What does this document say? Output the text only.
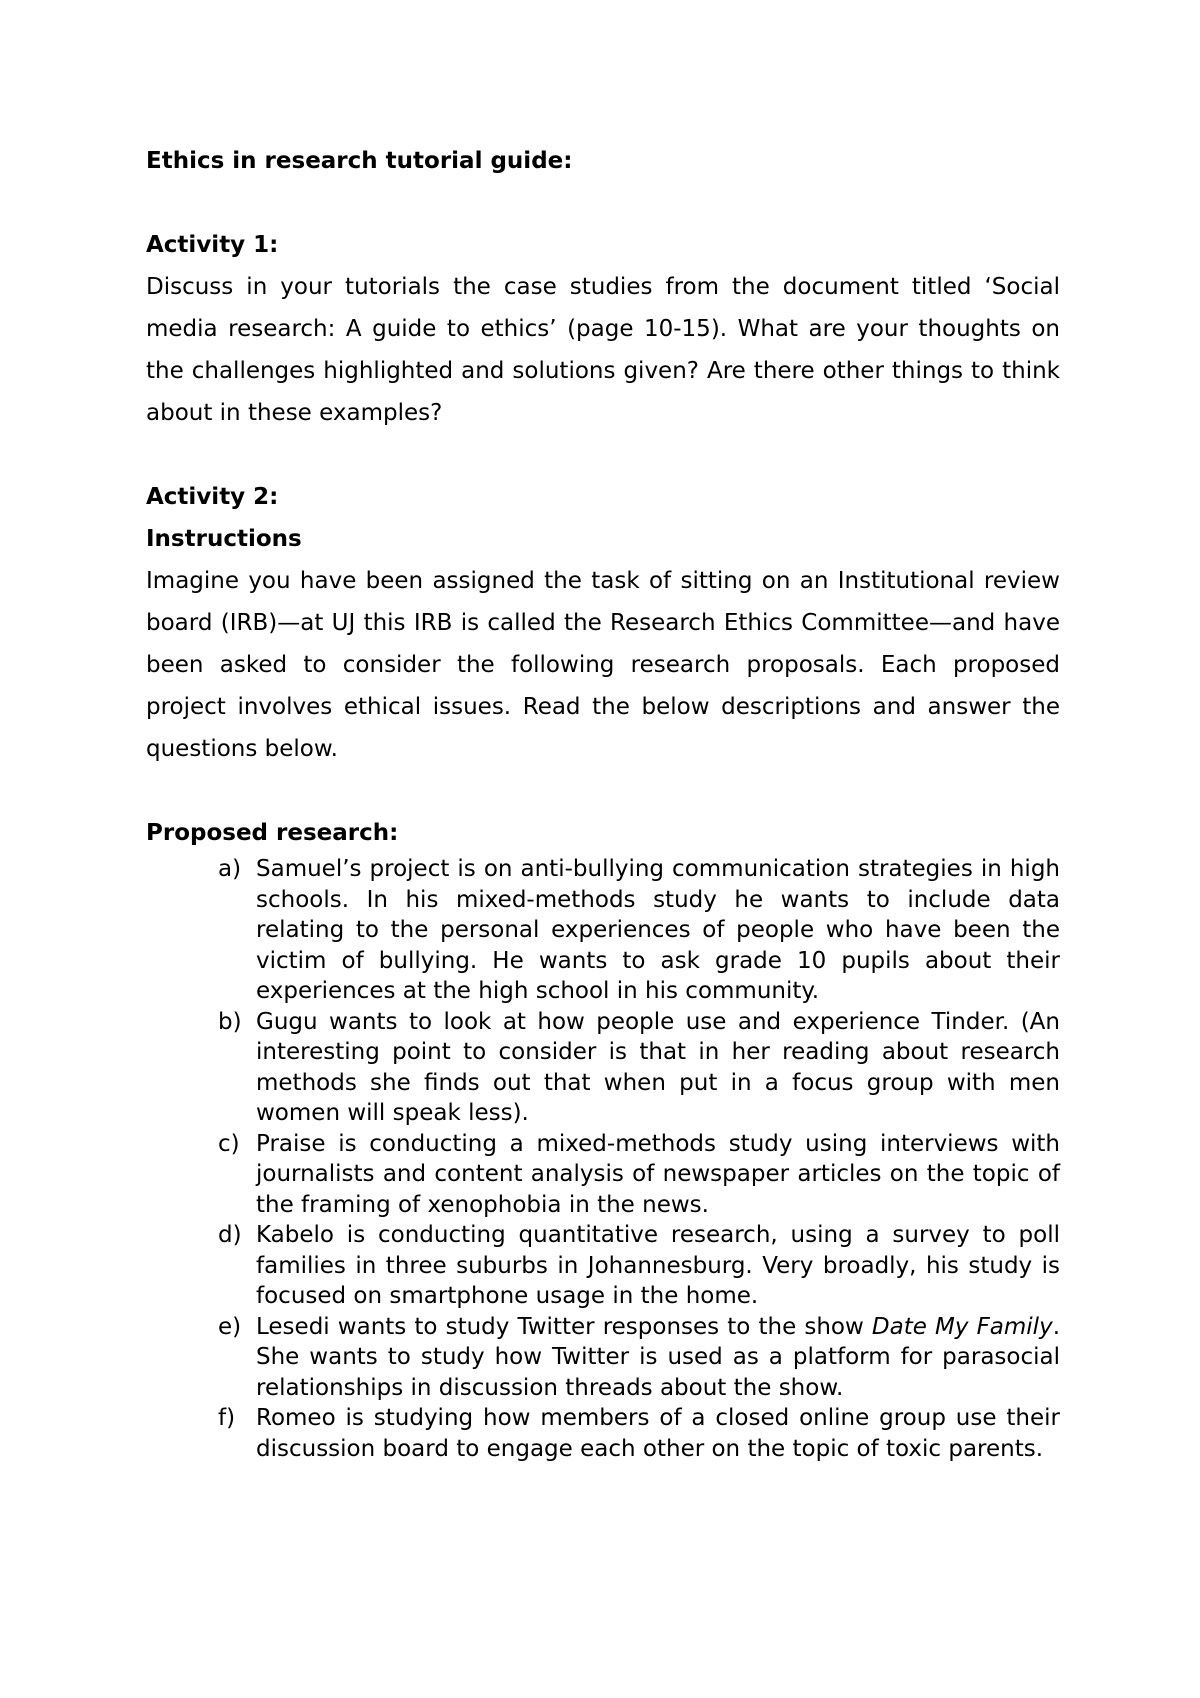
Ethics in research tutorial guide:

Activity 1:

Discuss in your tutorials the case studies from the document titled ‘Social media research: A guide to ethics’ (page 10-15). What are your thoughts on the challenges highlighted and solutions given? Are there other things to think about in these examples?

Activity 2:

Instructions

Imagine you have been assigned the task of sitting on an Institutional review board (IRB)—at UJ this IRB is called the Research Ethics Committee—and have been asked to consider the following research proposals. Each proposed project involves ethical issues. Read the below descriptions and answer the questions below.

Proposed research:

a) Samuel’s project is on anti-bullying communication strategies in high schools. In his mixed-methods study he wants to include data relating to the personal experiences of people who have been the victim of bullying. He wants to ask grade 10 pupils about their experiences at the high school in his community.
b) Gugu wants to look at how people use and experience Tinder. (An interesting point to consider is that in her reading about research methods she finds out that when put in a focus group with men women will speak less).
c) Praise is conducting a mixed-methods study using interviews with journalists and content analysis of newspaper articles on the topic of the framing of xenophobia in the news.
d) Kabelo is conducting quantitative research, using a survey to poll families in three suburbs in Johannesburg. Very broadly, his study is focused on smartphone usage in the home.
e) Lesedi wants to study Twitter responses to the show Date My Family. She wants to study how Twitter is used as a platform for parasocial relationships in discussion threads about the show.
f) Romeo is studying how members of a closed online group use their discussion board to engage each other on the topic of toxic parents.
